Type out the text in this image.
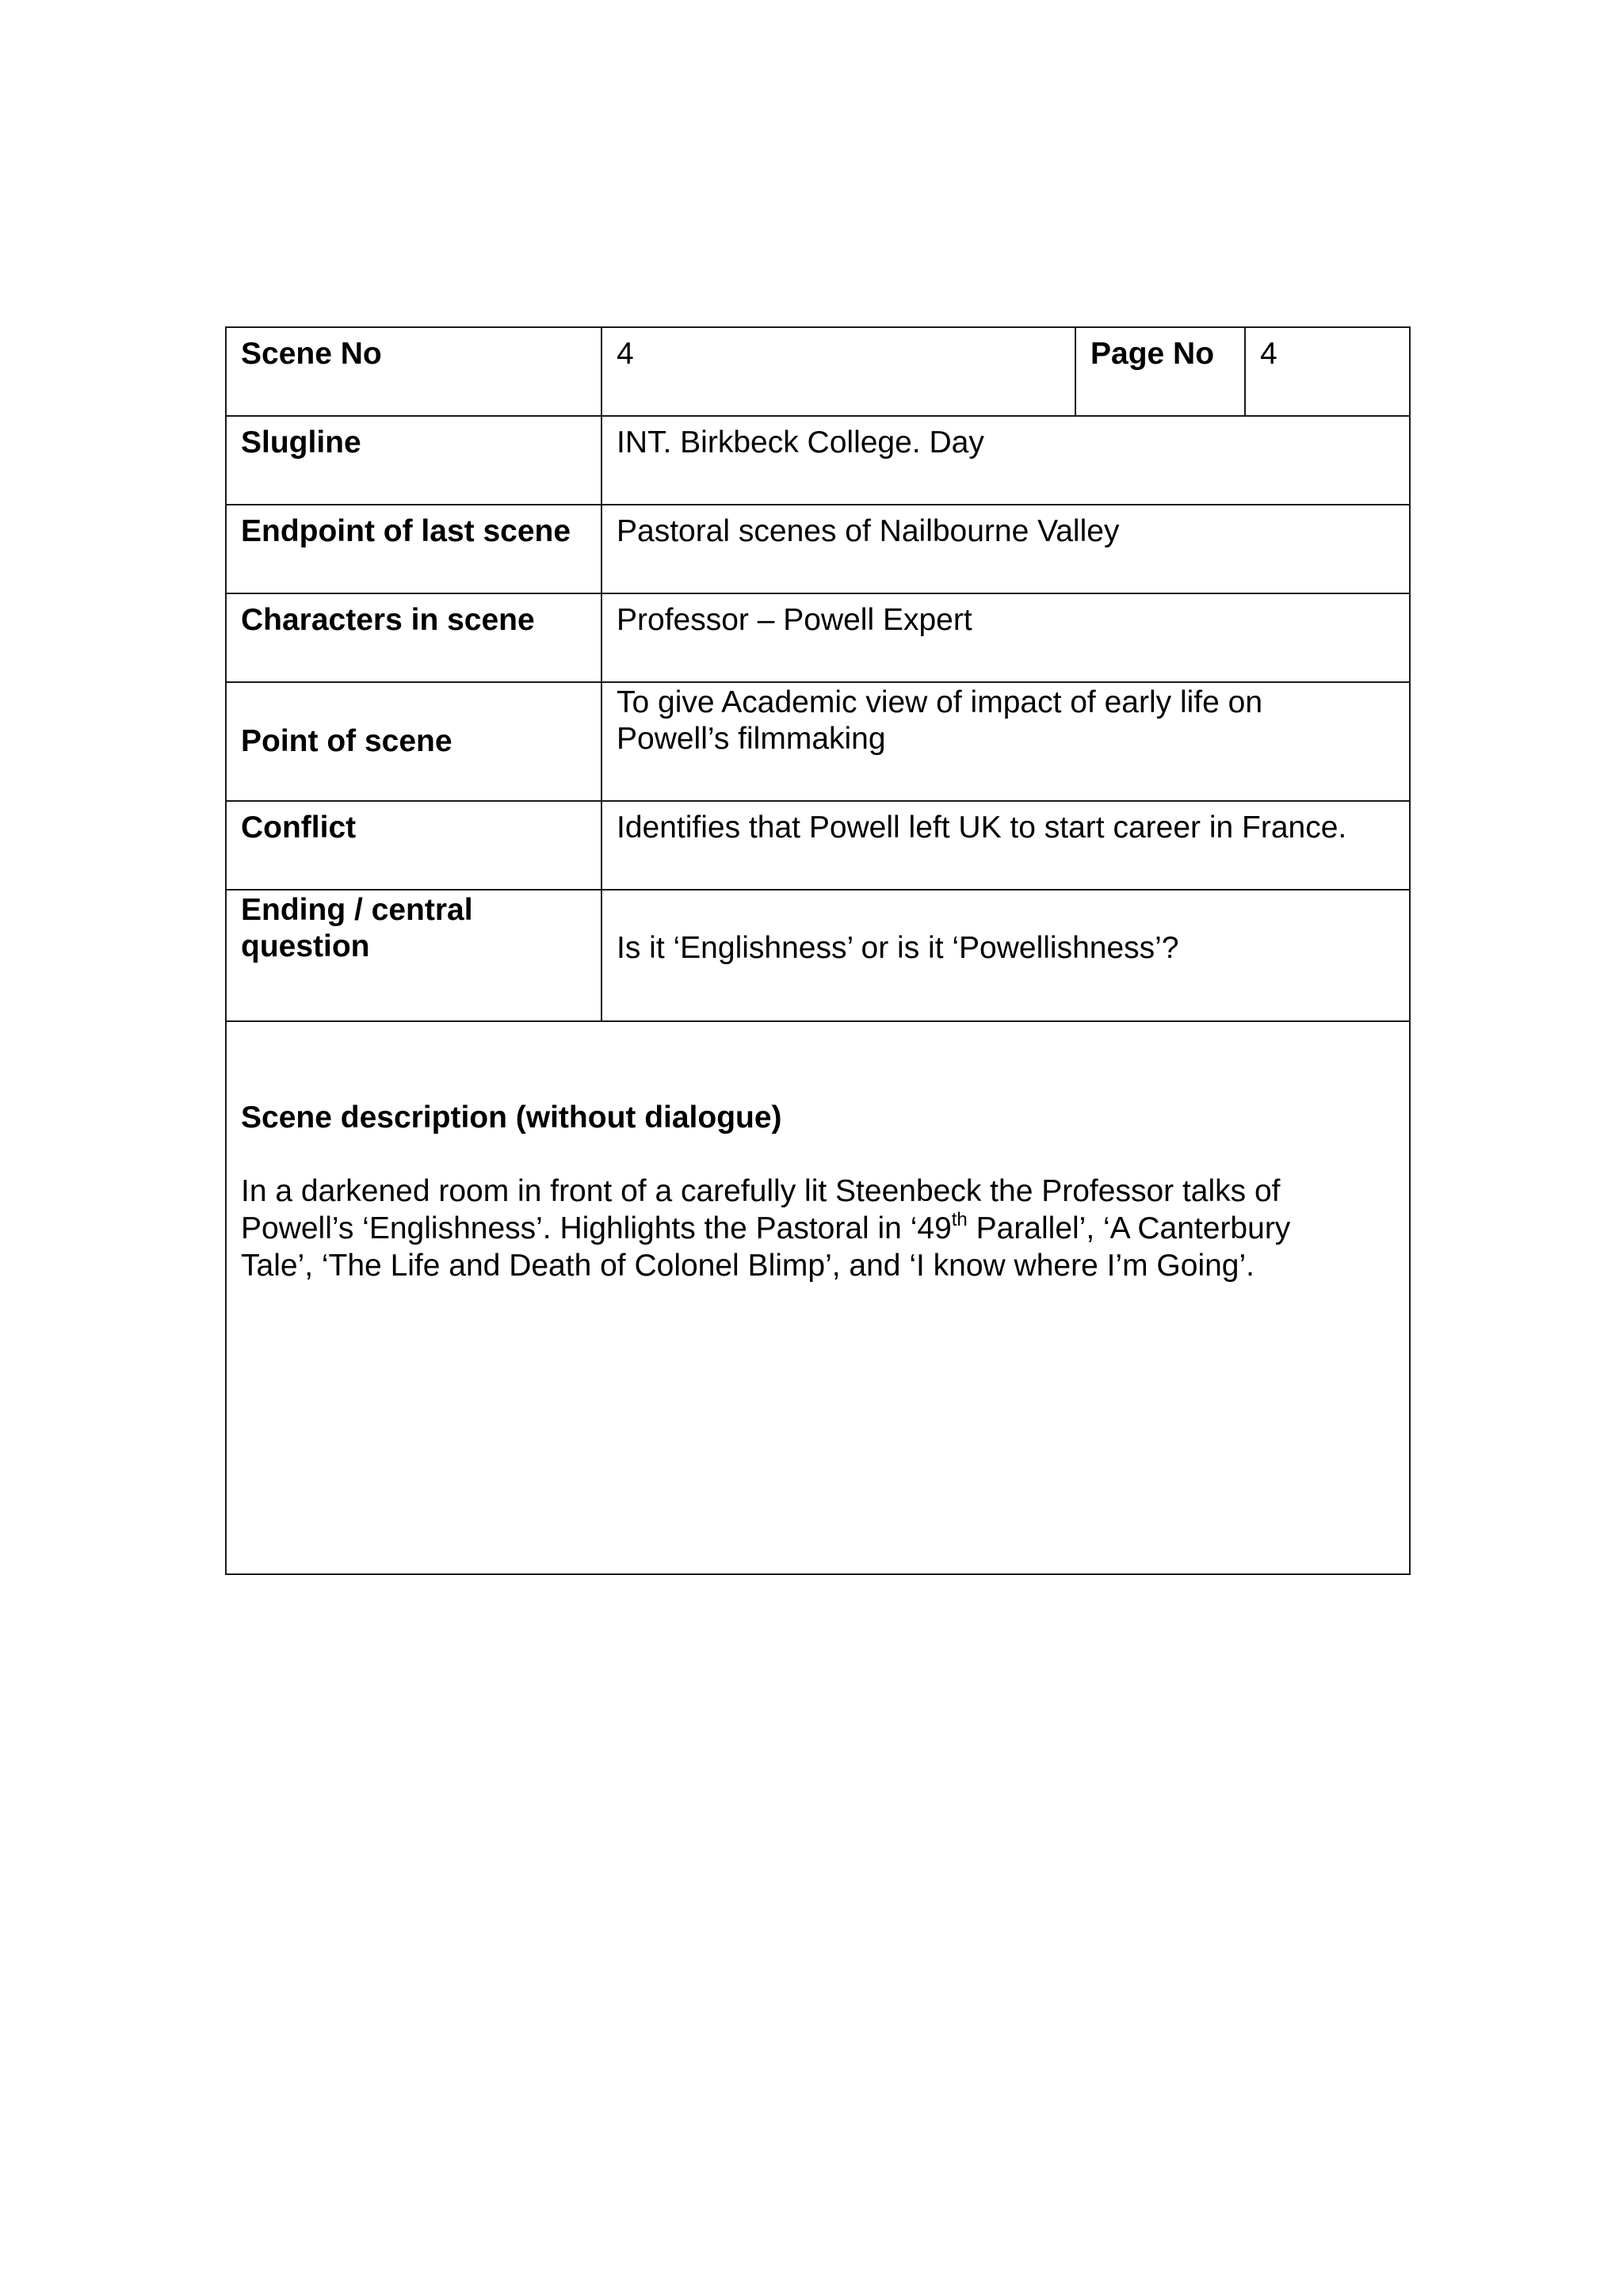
Scene No	4	Page No	4
Slugline	INT. Birkbeck College. Day		
Endpoint of last scene	Pastoral scenes of Nailbourne Valley		
Characters in scene	Professor – Powell Expert		
Point of scene	To give Academic view of impact of early life on
Powell’s filmmaking		

Conflict	Identifies that Powell left UK to start career in France.		

Ending / central
question	Is it ‘Englishness’ or is it ‘Powellishness’?		

Scene description (without dialogue)
In a darkened room in front of a carefully lit Steenbeck the Professor talks of
Powell’s ‘Englishness’. Highlights the Pastoral in ‘49th Parallel’, ‘A Canterbury
Tale’, ‘The Life and Death of Colonel Blimp’, and ‘I know where I’m Going’.			
